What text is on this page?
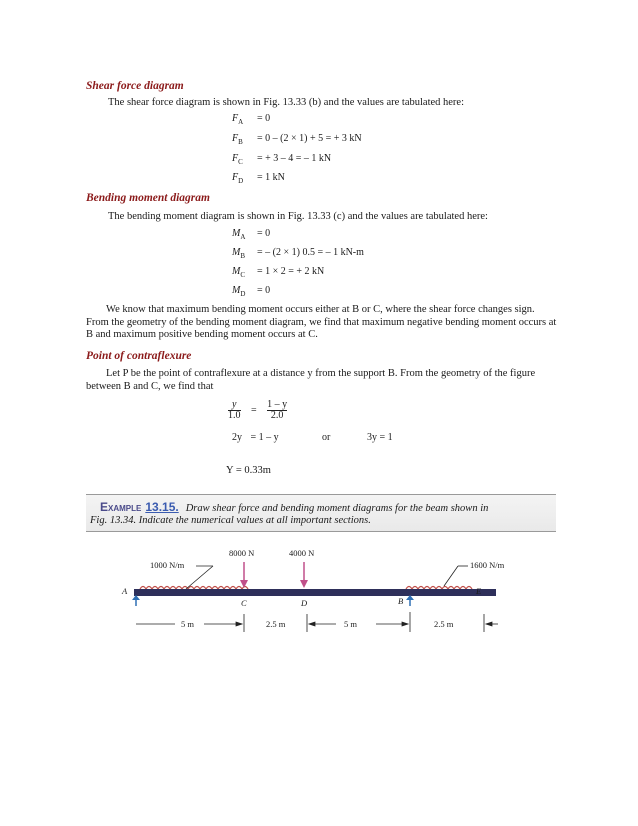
Shear force diagram
The shear force diagram is shown in Fig. 13.33 (b) and the values are tabulated here:
$F_A = 0$
$F_B = 0 - (2 \times 1) + 5$ = + 3 kN
$F_C$ = + 3 – 4 = – 1 kN
$F_D = 1$ kN
Bending moment diagram
The bending moment diagram is shown in Fig. 13.33 (c) and the values are tabulated here:
$M_A = 0$
$M_B$ = – (2 × 1) 0.5 = – 1 kN-m
$M_C = 1 \times 2$ = + 2 kN
$M_D = 0$
We know that maximum bending moment occurs either at B or C, where the shear force changes sign. From the geometry of the bending moment diagram, we find that maximum negative bending moment occurs at B and maximum positive bending moment occurs at C.
Point of contraflexure
Let P be the point of contraflexure at a distance y from the support B. From the geometry of the figure between B and C, we find that
$\frac{y}{1.0} = \frac{1 - y}{2.0}$
2y = 1 – y	or	3y = 1
Y = 0.33m
Example 13.15. Draw shear force and bending moment diagrams for the beam shown in
Fig. 13.34. Indicate the numerical values at all important sections.
8000 N	4000 N
1000 N/m	1600 N/m
A
C	D	B
E
5 m	2.5 m	5 m	2.5 m
